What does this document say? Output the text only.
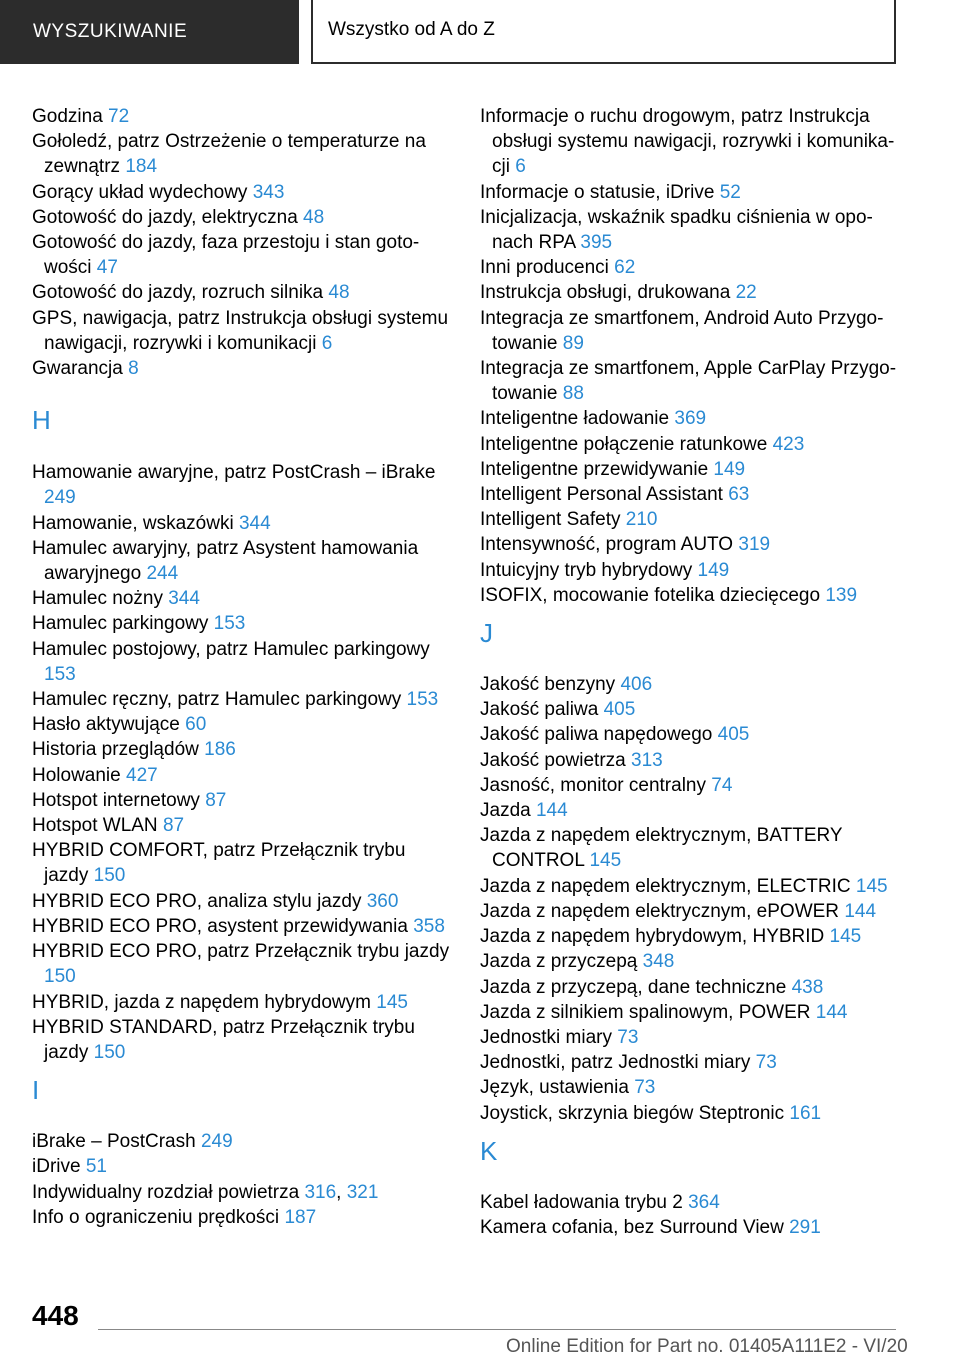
WYSZUKIWANIE	Wszystko od A do Z
Godzina 72
Gołoledź, patrz Ostrzeżenie o temperaturze na zewnątrz 184
Gorący układ wydechowy 343
Gotowość do jazdy, elektryczna 48
Gotowość do jazdy, faza przestoju i stan gotowości 47
Gotowość do jazdy, rozruch silnika 48
GPS, nawigacja, patrz Instrukcja obsługi systemu nawigacji, rozrywki i komunikacji 6
Gwarancja 8
H
Hamowanie awaryjne, patrz PostCrash – iBrake 249
Hamowanie, wskazówki 344
Hamulec awaryjny, patrz Asystent hamowania awaryjnego 244
Hamulec nożny 344
Hamulec parkingowy 153
Hamulec postojowy, patrz Hamulec parkingowy 153
Hamulec ręczny, patrz Hamulec parkingowy 153
Hasło aktywujące 60
Historia przeglądów 186
Holowanie 427
Hotspot internetowy 87
Hotspot WLAN 87
HYBRID COMFORT, patrz Przełącznik trybu jazdy 150
HYBRID ECO PRO, analiza stylu jazdy 360
HYBRID ECO PRO, asystent przewidywania 358
HYBRID ECO PRO, patrz Przełącznik trybu jazdy 150
HYBRID, jazda z napędem hybrydowym 145
HYBRID STANDARD, patrz Przełącznik trybu jazdy 150
I
iBrake – PostCrash 249
iDrive 51
Indywidualny rozdział powietrza 316, 321
Info o ograniczeniu prędkości 187
Informacje o ruchu drogowym, patrz Instrukcja obsługi systemu nawigacji, rozrywki i komunikacji 6
Informacje o statusie, iDrive 52
Inicjalizacja, wskaźnik spadku ciśnienia w oponach RPA 395
Inni producenci 62
Instrukcja obsługi, drukowana 22
Integracja ze smartfonem, Android Auto Przygotowanie 89
Integracja ze smartfonem, Apple CarPlay Przygotowanie 88
Inteligentne ładowanie 369
Inteligentne połączenie ratunkowe 423
Inteligentne przewidywanie 149
Intelligent Personal Assistant 63
Intelligent Safety 210
Intensywność, program AUTO 319
Intuicyjny tryb hybrydowy 149
ISOFIX, mocowanie fotelika dziecięcego 139
J
Jakość benzyny 406
Jakość paliwa 405
Jakość paliwa napędowego 405
Jakość powietrza 313
Jasność, monitor centralny 74
Jazda 144
Jazda z napędem elektrycznym, BATTERY CONTROL 145
Jazda z napędem elektrycznym, ELECTRIC 145
Jazda z napędem elektrycznym, ePOWER 144
Jazda z napędem hybrydowym, HYBRID 145
Jazda z przyczepą 348
Jazda z przyczepą, dane techniczne 438
Jazda z silnikiem spalinowym, POWER 144
Jednostki miary 73
Jednostki, patrz Jednostki miary 73
Język, ustawienia 73
Joystick, skrzynia biegów Steptronic 161
K
Kabel ładowania trybu 2 364
Kamera cofania, bez Surround View 291
448
Online Edition for Part no. 01405A111E2 - VI/20
